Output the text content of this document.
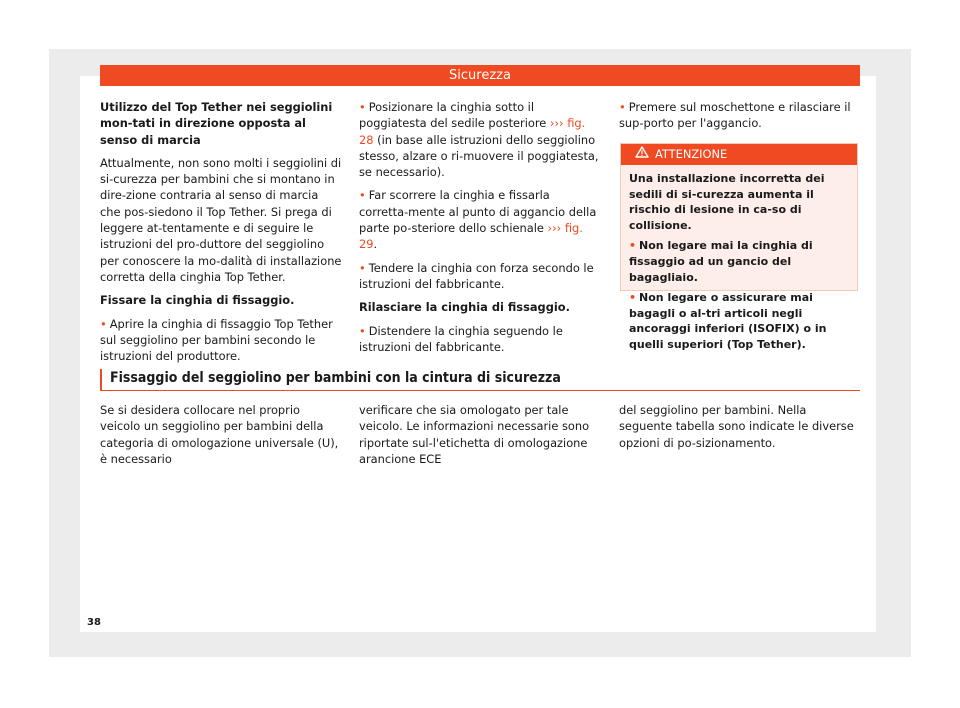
Sicurezza

Utilizzo del Top Tether nei seggiolini mon-tati in direzione opposta al senso di marcia

Attualmente, non sono molti i seggiolini di si-curezza per bambini che si montano in dire-zione contraria al senso di marcia che pos-siedono il Top Tether. Si prega di leggere at-tentamente e di seguire le istruzioni del pro-duttore del seggiolino per conoscere la mo-dalità di installazione corretta della cinghia Top Tether.

Fissare la cinghia di fissaggio.

• Aprire la cinghia di fissaggio Top Tether sul seggiolino per bambini secondo le istruzioni del produttore.

• Posizionare la cinghia sotto il poggiatesta del sedile posteriore ››› fig. 28 (in base alle istruzioni dello seggiolino stesso, alzare o ri-muovere il poggiatesta, se necessario).

• Far scorrere la cinghia e fissarla corretta-mente al punto di aggancio della parte po-steriore dello schienale ››› fig. 29.

• Tendere la cinghia con forza secondo le istruzioni del fabbricante.

Rilasciare la cinghia di fissaggio.

• Distendere la cinghia seguendo le istruzioni del fabbricante.

• Premere sul moschettone e rilasciare il sup-porto per l'aggancio.

ATTENZIONE

Una installazione incorretta dei sedili di si-curezza aumenta il rischio di lesione in ca-so di collisione.

• Non legare mai la cinghia di fissaggio ad un gancio del bagagliaio.

• Non legare o assicurare mai bagagli o al-tri articoli negli ancoraggi inferiori (ISOFIX) o in quelli superiori (Top Tether).

Fissaggio del seggiolino per bambini con la cintura di sicurezza

Se si desidera collocare nel proprio veicolo un seggiolino per bambini della categoria di omologazione universale (U), è necessario

verificare che sia omologato per tale veicolo. Le informazioni necessarie sono riportate sul-l'etichetta di omologazione arancione ECE

del seggiolino per bambini. Nella seguente tabella sono indicate le diverse opzioni di po-sizionamento.

38
